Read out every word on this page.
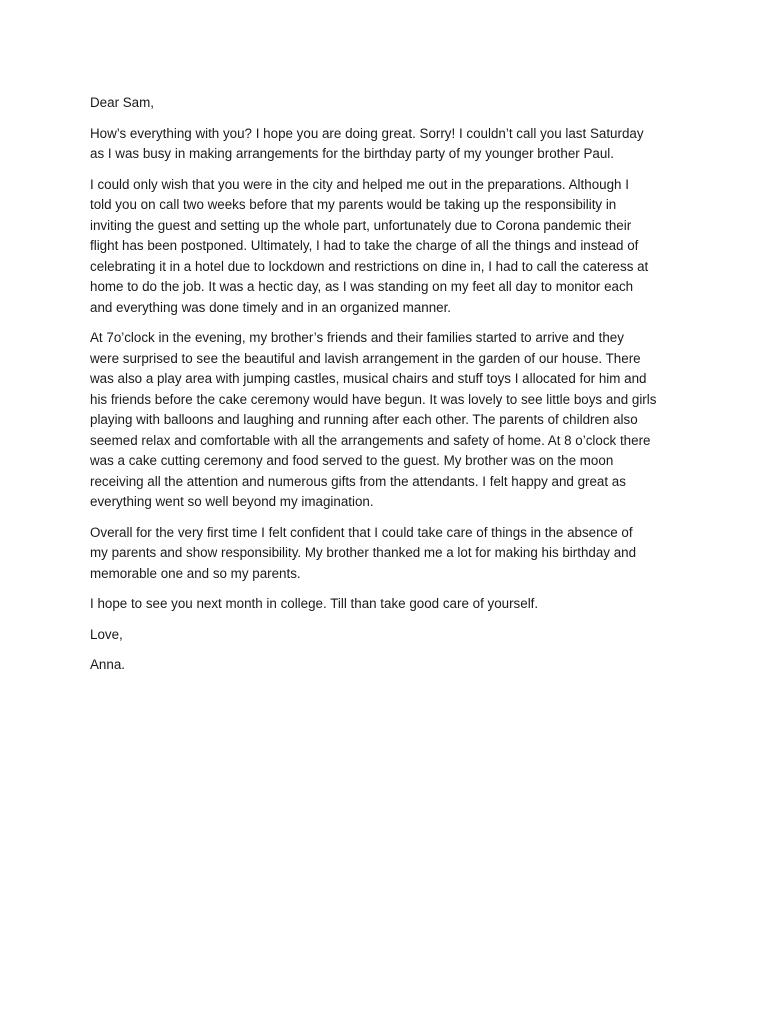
Dear Sam,

How’s everything with you? I hope you are doing great. Sorry! I couldn’t call you last Saturday
as I was busy in making arrangements for the birthday party of my younger brother Paul.

I could only wish that you were in the city and helped me out in the preparations. Although I
told you on call two weeks before that my parents would be taking up the responsibility in
inviting the guest and setting up the whole part, unfortunately due to Corona pandemic their
flight has been postponed. Ultimately, I had to take the charge of all the things and instead of
celebrating it in a hotel due to lockdown and restrictions on dine in, I had to call the cateress at
home to do the job. It was a hectic day, as I was standing on my feet all day to monitor each
and everything was done timely and in an organized manner.

At 7o’clock in the evening, my brother’s friends and their families started to arrive and they
were surprised to see the beautiful and lavish arrangement in the garden of our house. There
was also a play area with jumping castles, musical chairs and stuff toys I allocated for him and
his friends before the cake ceremony would have begun. It was lovely to see little boys and girls
playing with balloons and laughing and running after each other. The parents of children also
seemed relax and comfortable with all the arrangements and safety of home. At 8 o’clock there
was a cake cutting ceremony and food served to the guest. My brother was on the moon
receiving all the attention and numerous gifts from the attendants. I felt happy and great as
everything went so well beyond my imagination.

Overall for the very first time I felt confident that I could take care of things in the absence of
my parents and show responsibility. My brother thanked me a lot for making his birthday and
memorable one and so my parents.

I hope to see you next month in college. Till than take good care of yourself.

Love,

Anna.
